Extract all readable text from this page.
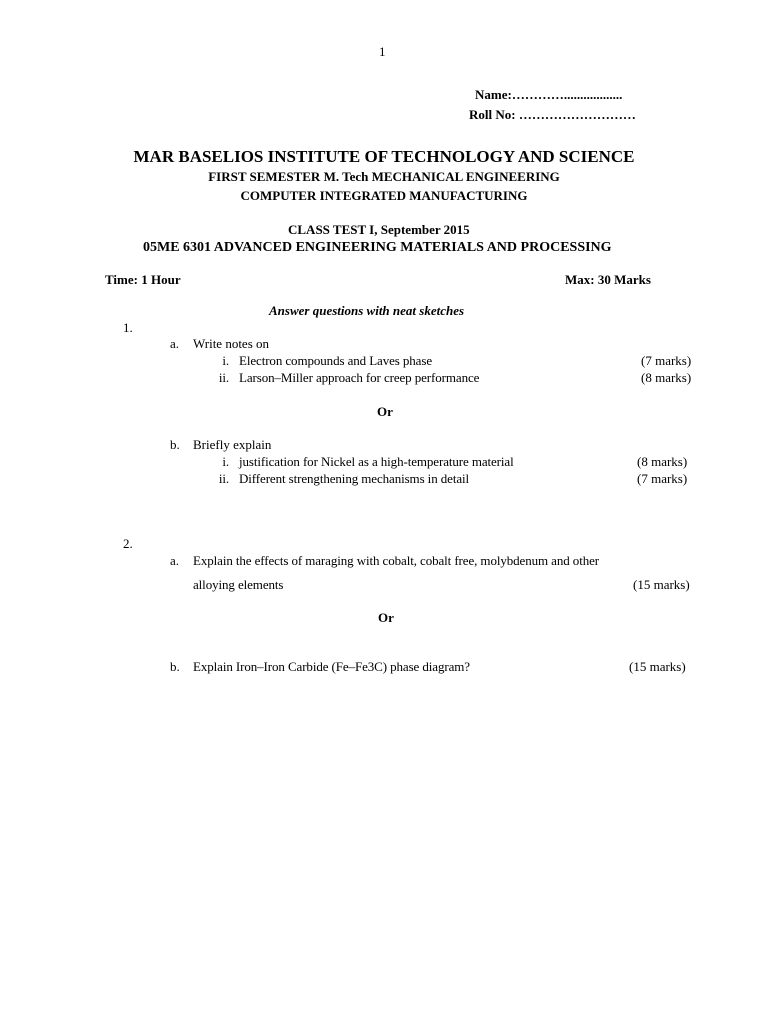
1
Name:…………..................
Roll No: ………………………
MAR BASELIOS INSTITUTE OF TECHNOLOGY AND SCIENCE
FIRST SEMESTER M. Tech MECHANICAL ENGINEERING
COMPUTER INTEGRATED MANUFACTURING
CLASS TEST I, September 2015
05ME 6301 ADVANCED ENGINEERING MATERIALS AND PROCESSING
Time: 1 Hour	Max: 30 Marks
Answer questions with neat sketches
1.
a. Write notes on
i. Electron compounds and Laves phase	(7 marks)
ii. Larson–Miller approach for creep performance	(8 marks)
Or
b. Briefly explain
i. justification for Nickel as a high-temperature material	(8 marks)
ii. Different strengthening mechanisms in detail	(7 marks)
2.
a. Explain the effects of maraging with cobalt, cobalt free, molybdenum and other
alloying elements	(15 marks)
Or
b. Explain Iron–Iron Carbide (Fe–Fe3C) phase diagram?	(15 marks)
